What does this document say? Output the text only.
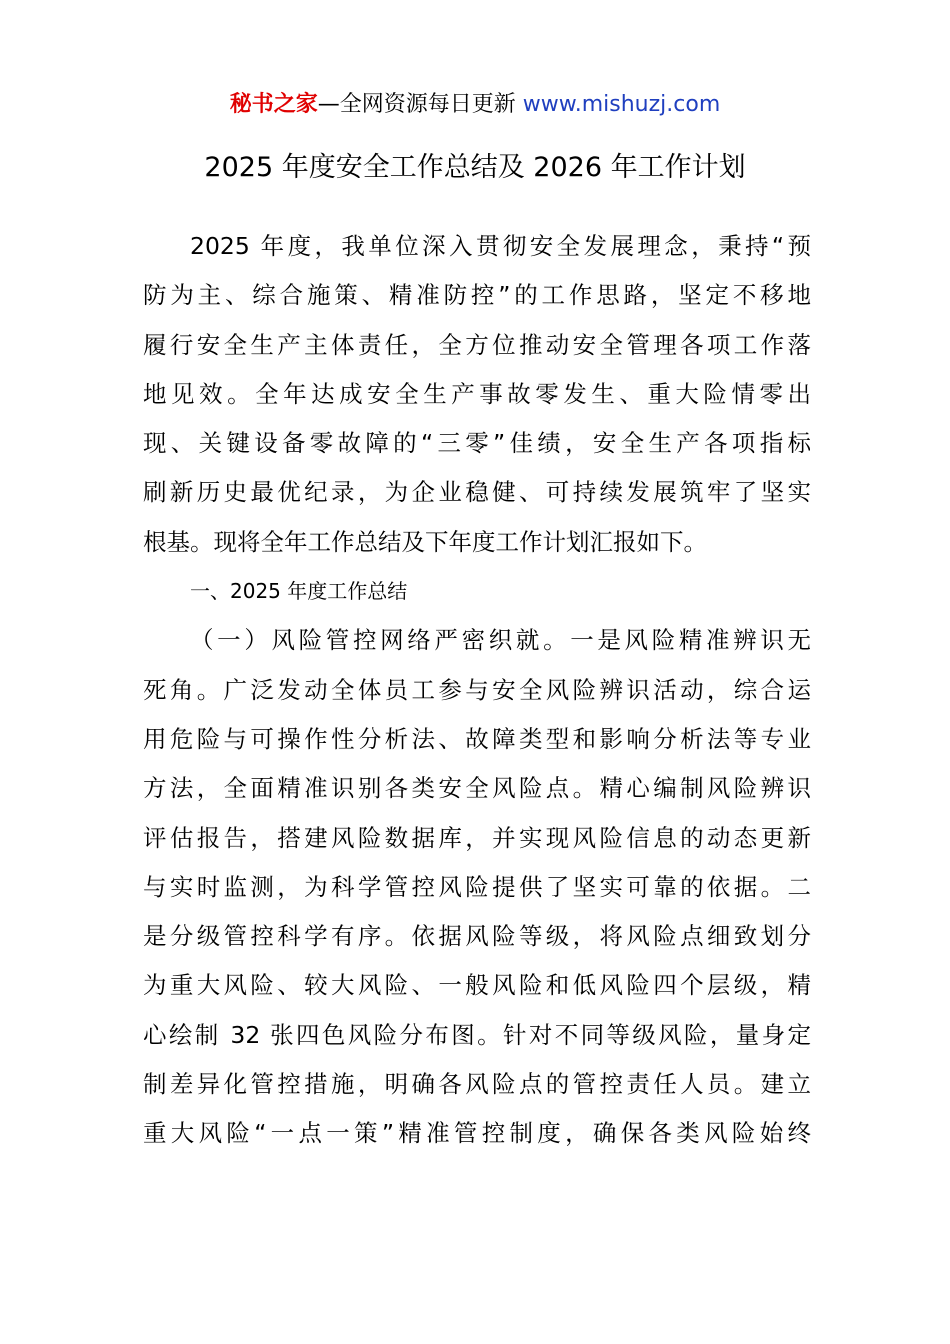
秘书之家—全网资源每日更新 www.mishuzj.com
2025 年度安全工作总结及 2026 年工作计划
2025 年度，我单位深入贯彻安全发展理念，秉持“预
防为主、综合施策、精准防控”的工作思路，坚定不移地
履行安全生产主体责任，全方位推动安全管理各项工作落
地见效。全年达成安全生产事故零发生、重大险情零出
现、关键设备零故障的“三零”佳绩，安全生产各项指标
刷新历史最优纪录，为企业稳健、可持续发展筑牢了坚实
根基。现将全年工作总结及下年度工作计划汇报如下。
一、2025 年度工作总结
（一）风险管控网络严密织就。一是风险精准辨识无
死角。广泛发动全体员工参与安全风险辨识活动，综合运
用危险与可操作性分析法、故障类型和影响分析法等专业
方法，全面精准识别各类安全风险点。精心编制风险辨识
评估报告，搭建风险数据库，并实现风险信息的动态更新
与实时监测，为科学管控风险提供了坚实可靠的依据。二
是分级管控科学有序。依据风险等级，将风险点细致划分
为重大风险、较大风险、一般风险和低风险四个层级，精
心绘制 32 张四色风险分布图。针对不同等级风险，量身定
制差异化管控措施，明确各风险点的管控责任人员。建立
重大风险“一点一策”精准管控制度，确保各类风险始终
